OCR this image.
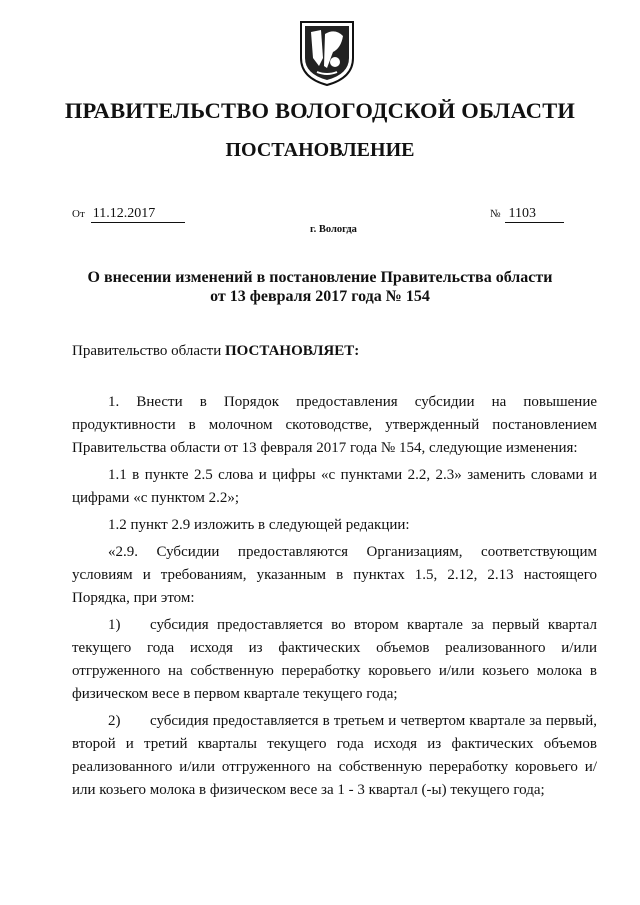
ПРАВИТЕЛЬСТВО ВОЛОГОДСКОЙ ОБЛАСТИ
ПОСТАНОВЛЕНИЕ
От 11.12.2017	№ 1103
г. Вологда
О внесении изменений в постановление Правительства области
от 13 февраля 2017 года № 154

Правительство области ПОСТАНОВЛЯЕТ:

1. Внести в Порядок предоставления субсидии на повышение продуктивности в молочном скотоводстве, утвержденный постановлением Правительства области от 13 февраля 2017 года № 154, следующие изменения:

1.1 в пункте 2.5 слова и цифры «с пунктами 2.2, 2.3» заменить словами и цифрами «с пунктом 2.2»;

1.2 пункт 2.9 изложить в следующей редакции:

«2.9. Субсидии предоставляются Организациям, соответствующим условиям и требованиям, указанным в пунктах 1.5, 2.12, 2.13 настоящего Порядка, при этом:

1) субсидия предоставляется во втором квартале за первый квартал текущего года исходя из фактических объемов реализованного и/или отгруженного на собственную переработку коровьего и/или козьего молока в физическом весе в первом квартале текущего года;

2) субсидия предоставляется в третьем и четвертом квартале за первый, второй и третий кварталы текущего года исходя из фактических объемов реализованного и/или отгруженного на собственную переработку коровьего и/или козьего молока в физическом весе за 1 - 3 квартал (-ы) текущего года;
